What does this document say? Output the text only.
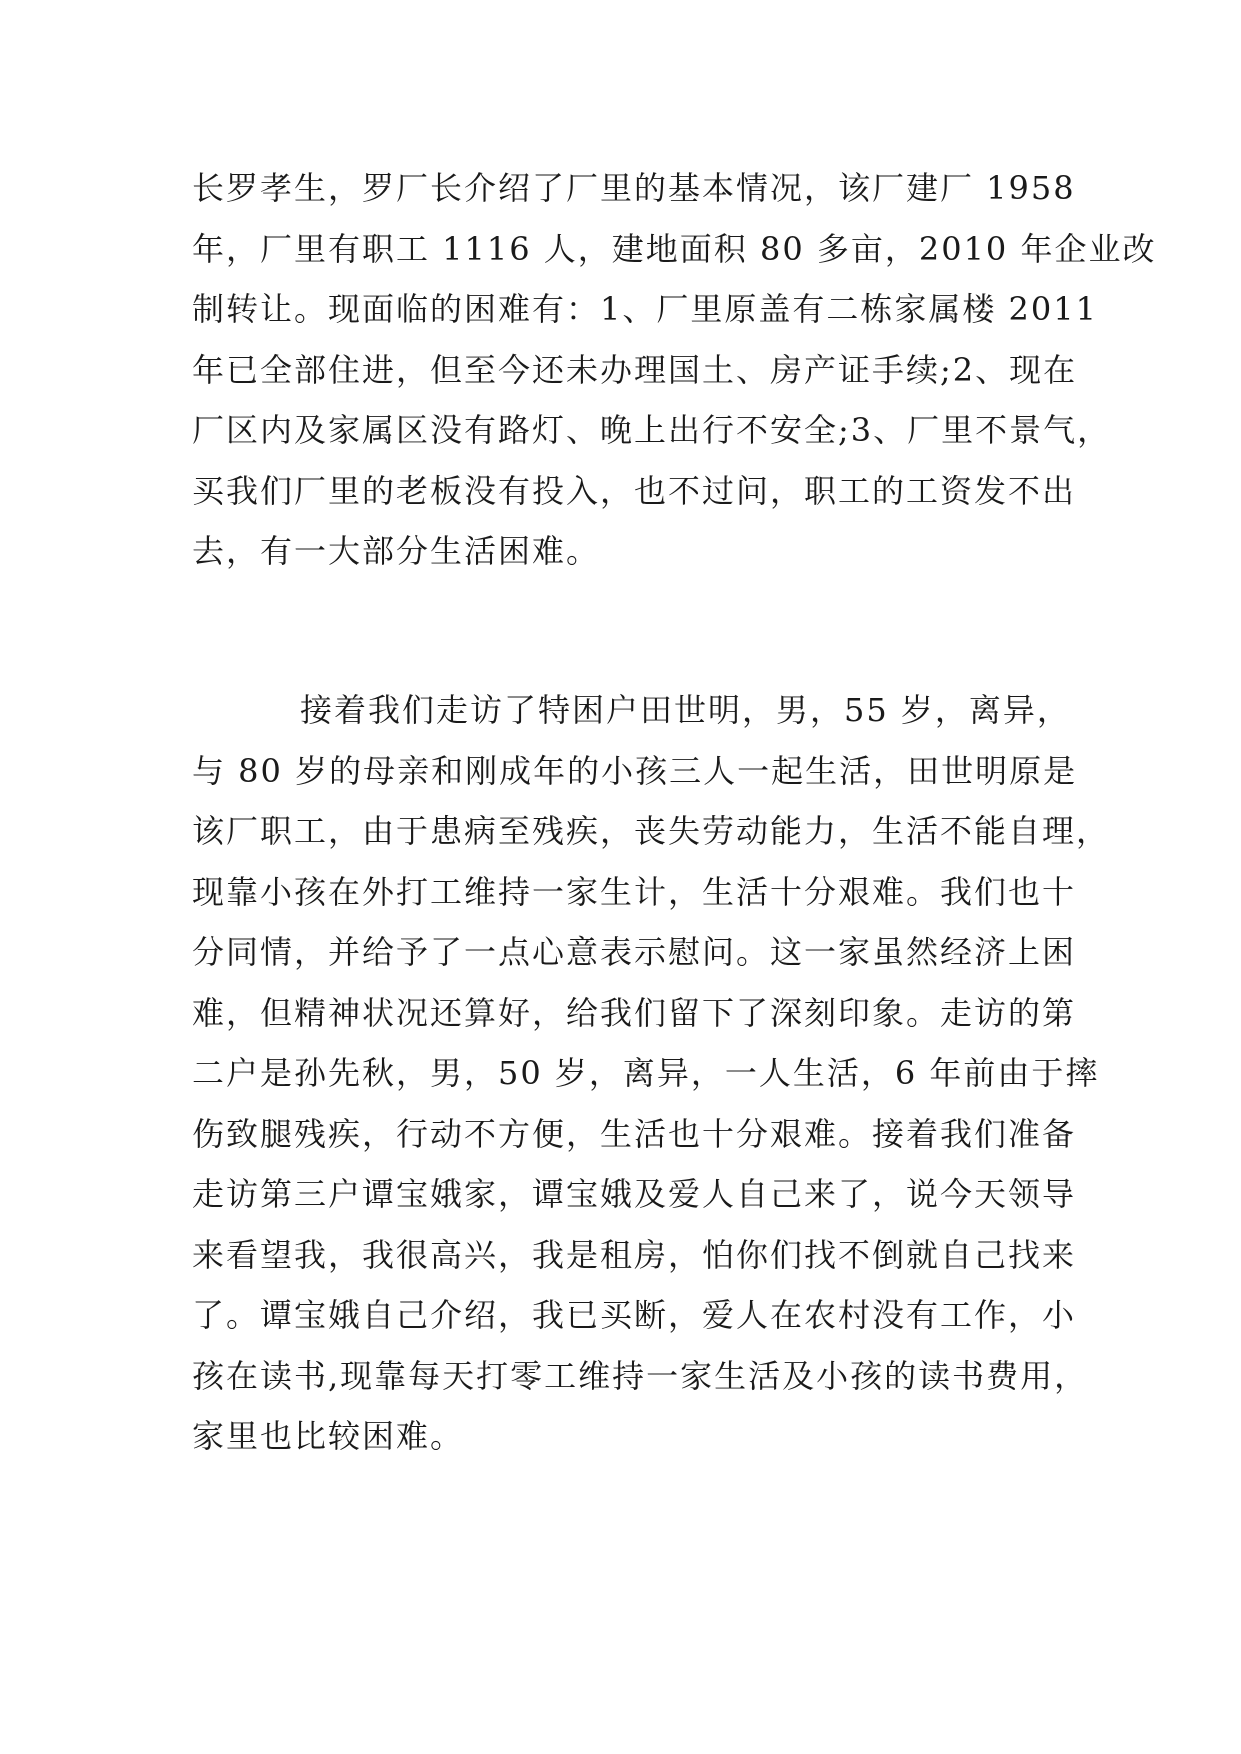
长罗孝生，罗厂长介绍了厂里的基本情况，该厂建厂 1958
年，厂里有职工 1116 人，建地面积 80 多亩，2010 年企业改
制转让。现面临的困难有：1、厂里原盖有二栋家属楼 2011
年已全部住进，但至今还未办理国土、房产证手续;2、现在
厂区内及家属区没有路灯、晚上出行不安全;3、厂里不景气，
买我们厂里的老板没有投入，也不过问，职工的工资发不出
去，有一大部分生活困难。
接着我们走访了特困户田世明，男，55 岁，离异，
与 80 岁的母亲和刚成年的小孩三人一起生活，田世明原是
该厂职工，由于患病至残疾，丧失劳动能力，生活不能自理，
现靠小孩在外打工维持一家生计，生活十分艰难。我们也十
分同情，并给予了一点心意表示慰问。这一家虽然经济上困
难，但精神状况还算好，给我们留下了深刻印象。走访的第
二户是孙先秋，男，50 岁，离异，一人生活，6 年前由于摔
伤致腿残疾，行动不方便，生活也十分艰难。接着我们准备
走访第三户谭宝娥家，谭宝娥及爱人自己来了，说今天领导
来看望我，我很高兴，我是租房，怕你们找不倒就自己找来
了。谭宝娥自己介绍，我已买断，爱人在农村没有工作，小
孩在读书,现靠每天打零工维持一家生活及小孩的读书费用，
家里也比较困难。
